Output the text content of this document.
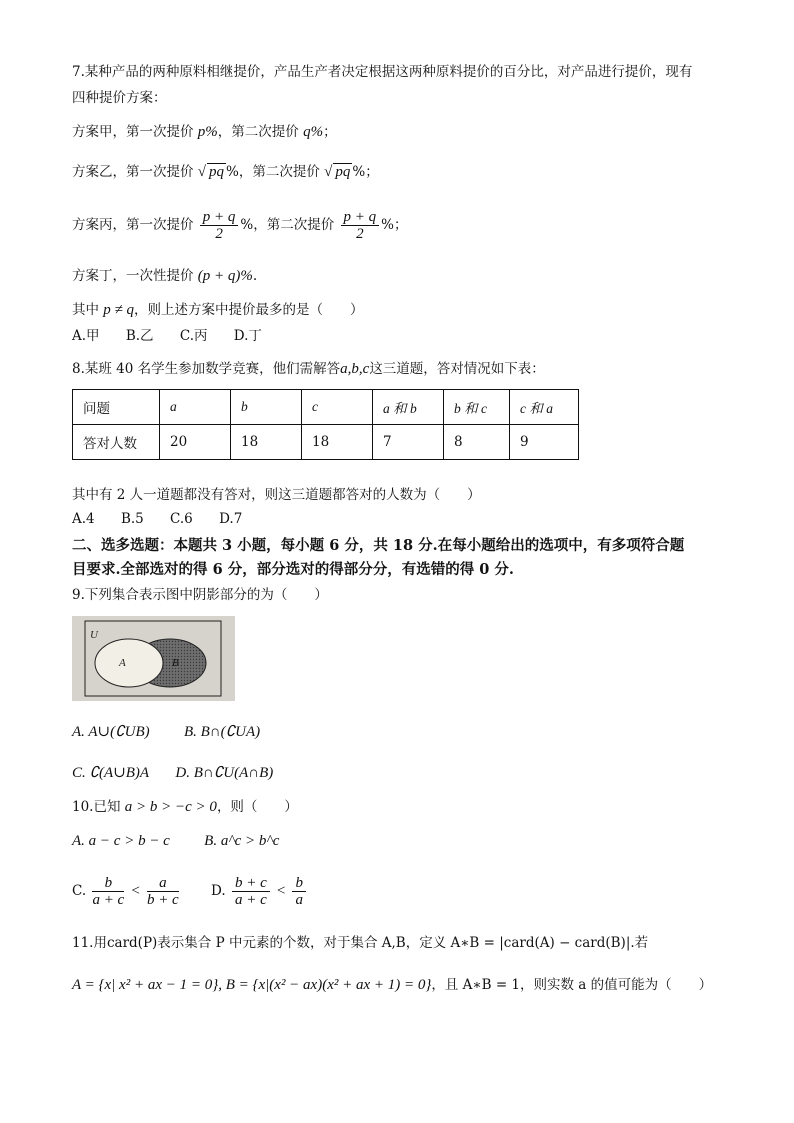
7.某种产品的两种原料相继提价，产品生产者决定根据这两种原料提价的百分比，对产品进行提价，现有
四种提价方案：
方案甲，第一次提价 p%，第二次提价 q%；
方案乙，第一次提价 √ pq %，第二次提价 √ pq %；
方案丙，第一次提价 $\frac{p + q}{2}$ %，第二次提价 $\frac{p + q}{2}$ %；
方案丁，一次性提价 (p + q)%.
其中 p ≠ q，则上述方案中提价最多的是（　　）
A.甲 B.乙 C.丙 D.丁
8.某班 40 名学生参加数学竞赛，他们需解答a,b,c这三道题，答对情况如下表：
问题	a	b	c	a 和 b	b 和 c	c 和 a
答对人数	20	18	18	7	8	9
其中有 2 人一道题都没有答对，则这三道题都答对的人数为（　　）
A.4 B.5 C.6 D.7
二、选多选题：本题共 3 小题，每小题 6 分，共 18 分.在每小题给出的选项中，有多项符合题
目要求.全部选对的得 6 分，部分选对的得部分分，有选错的得 0 分.
9.下列集合表示图中阴影部分的为（　　）
U
A	B
A. A∪(∁UB) B. B∩(∁UA)
C. ∁(A∪B)A D. B∩∁U(A∩B)
10.已知 a > b > −c > 0，则（　　）
A. a − c > b − c B. a^c > b^c
C. $\frac{b}{a + c} < \frac{a}{b + c} D$. $\frac{b + c}{a + c} < \frac{b}{a}$
11.用card(P)表示集合 P 中元素的个数，对于集合 A,B，定义 A∗B = |card(A) − card(B)|.若
A = {x| x² + ax − 1 = 0}, B = {x|(x² − ax)(x² + ax + 1) = 0}，且 A∗B = 1，则实数 a 的值可能为（　　）
